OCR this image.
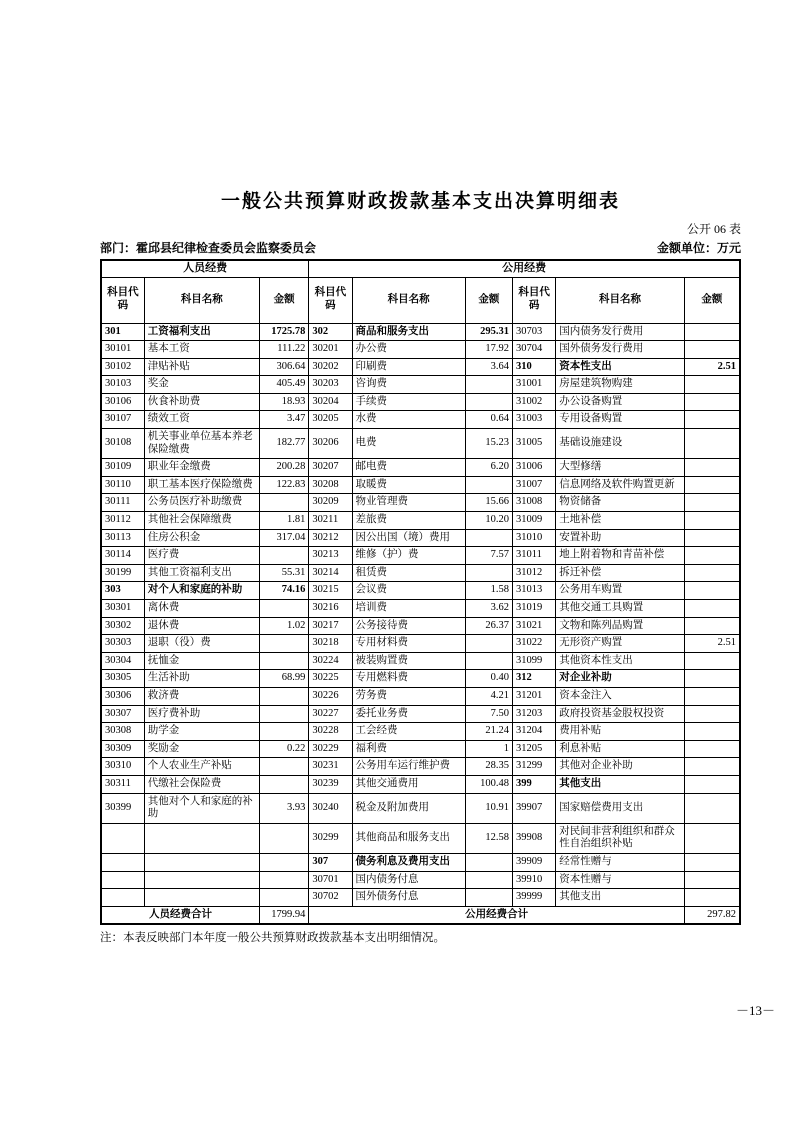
一般公共预算财政拨款基本支出决算明细表
公开 06 表
部门：霍邱县纪律检查委员会监察委员会	金额单位：万元
人员经费			公用经费					
科目代码	科目名称	金额	科目代码	科目名称	金额	科目代码	科目名称	金额
301	工资福利支出	1725.78	302	商品和服务支出	295.31	30703	国内债务发行费用	
30101	基本工资	111.22	30201	办公费	17.92	30704	国外债务发行费用	
30102	津贴补贴	306.64	30202	印刷费	3.64	310	资本性支出	2.51
30103	奖金	405.49	30203	咨询费		31001	房屋建筑物购建	
30106	伙食补助费	18.93	30204	手续费		31002	办公设备购置	
30107	绩效工资	3.47	30205	水费	0.64	31003	专用设备购置	
30108	机关事业单位基本养老保险缴费	182.77	30206	电费	15.23	31005	基础设施建设	
30109	职业年金缴费	200.28	30207	邮电费	6.20	31006	大型修缮	
30110	职工基本医疗保险缴费	122.83	30208	取暖费		31007	信息网络及软件购置更新	
30111	公务员医疗补助缴费		30209	物业管理费	15.66	31008	物资储备	
30112	其他社会保障缴费	1.81	30211	差旅费	10.20	31009	土地补偿	
30113	住房公积金	317.04	30212	因公出国（境）费用		31010	安置补助	
30114	医疗费		30213	维修（护）费	7.57	31011	地上附着物和青苗补偿	
30199	其他工资福利支出	55.31	30214	租赁费		31012	拆迁补偿	
303	对个人和家庭的补助	74.16	30215	会议费	1.58	31013	公务用车购置	
30301	离休费		30216	培训费	3.62	31019	其他交通工具购置	
30302	退休费	1.02	30217	公务接待费	26.37	31021	文物和陈列品购置	
30303	退职（役）费		30218	专用材料费		31022	无形资产购置	2.51
30304	抚恤金		30224	被装购置费		31099	其他资本性支出	
30305	生活补助	68.99	30225	专用燃料费	0.40	312	对企业补助	
30306	救济费		30226	劳务费	4.21	31201	资本金注入	
30307	医疗费补助		30227	委托业务费	7.50	31203	政府投资基金股权投资	
30308	助学金		30228	工会经费	21.24	31204	费用补贴	
30309	奖励金	0.22	30229	福利费	1	31205	利息补贴	
30310	个人农业生产补贴		30231	公务用车运行维护费	28.35	31299	其他对企业补助	
30311	代缴社会保险费		30239	其他交通费用	100.48	399	其他支出	
30399	其他对个人和家庭的补助	3.93	30240	税金及附加费用	10.91	39907	国家赔偿费用支出	
			30299	其他商品和服务支出	12.58	39908	对民间非营利组织和群众性自治组织补贴	
			307	债务利息及费用支出		39909	经常性赠与	
			30701	国内债务付息		39910	资本性赠与	
			30702	国外债务付息		39999	其他支出	
人员经费合计		1799.94	公用经费合计					297.82
注：本表反映部门本年度一般公共预算财政拨款基本支出明细情况。
－13－
